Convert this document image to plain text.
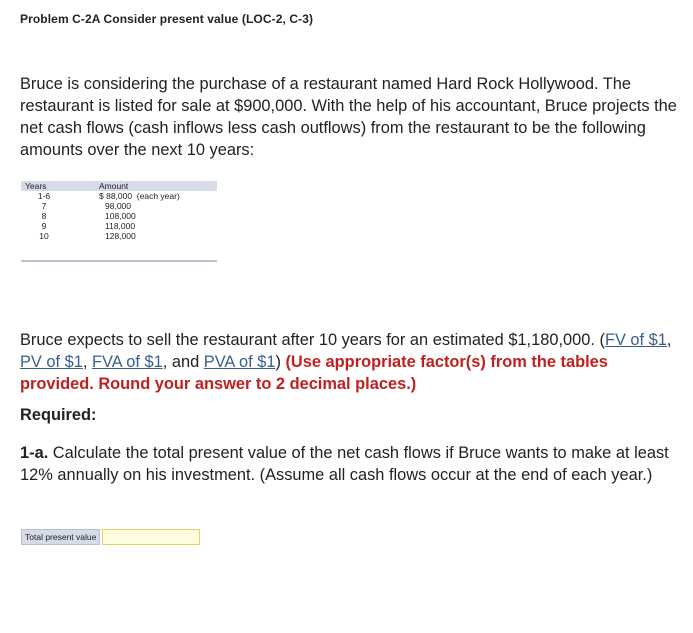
Problem C-2A Consider present value (LOC-2, C-3)
Bruce is considering the purchase of a restaurant named Hard Rock Hollywood. The restaurant is listed for sale at $900,000. With the help of his accountant, Bruce projects the net cash flows (cash inflows less cash outflows) from the restaurant to be the following amounts over the next 10 years:
Years	Amount
1-6	$ 88,000  (each year)
7	98,000
8	108,000
9	118,000
10	128,000
Bruce expects to sell the restaurant after 10 years for an estimated $1,180,000. (FV of $1, PV of $1, FVA of $1, and PVA of $1) (Use appropriate factor(s) from the tables provided. Round your answer to 2 decimal places.)
Required:
1-a. Calculate the total present value of the net cash flows if Bruce wants to make at least 12% annually on his investment. (Assume all cash flows occur at the end of each year.)
Total present value
